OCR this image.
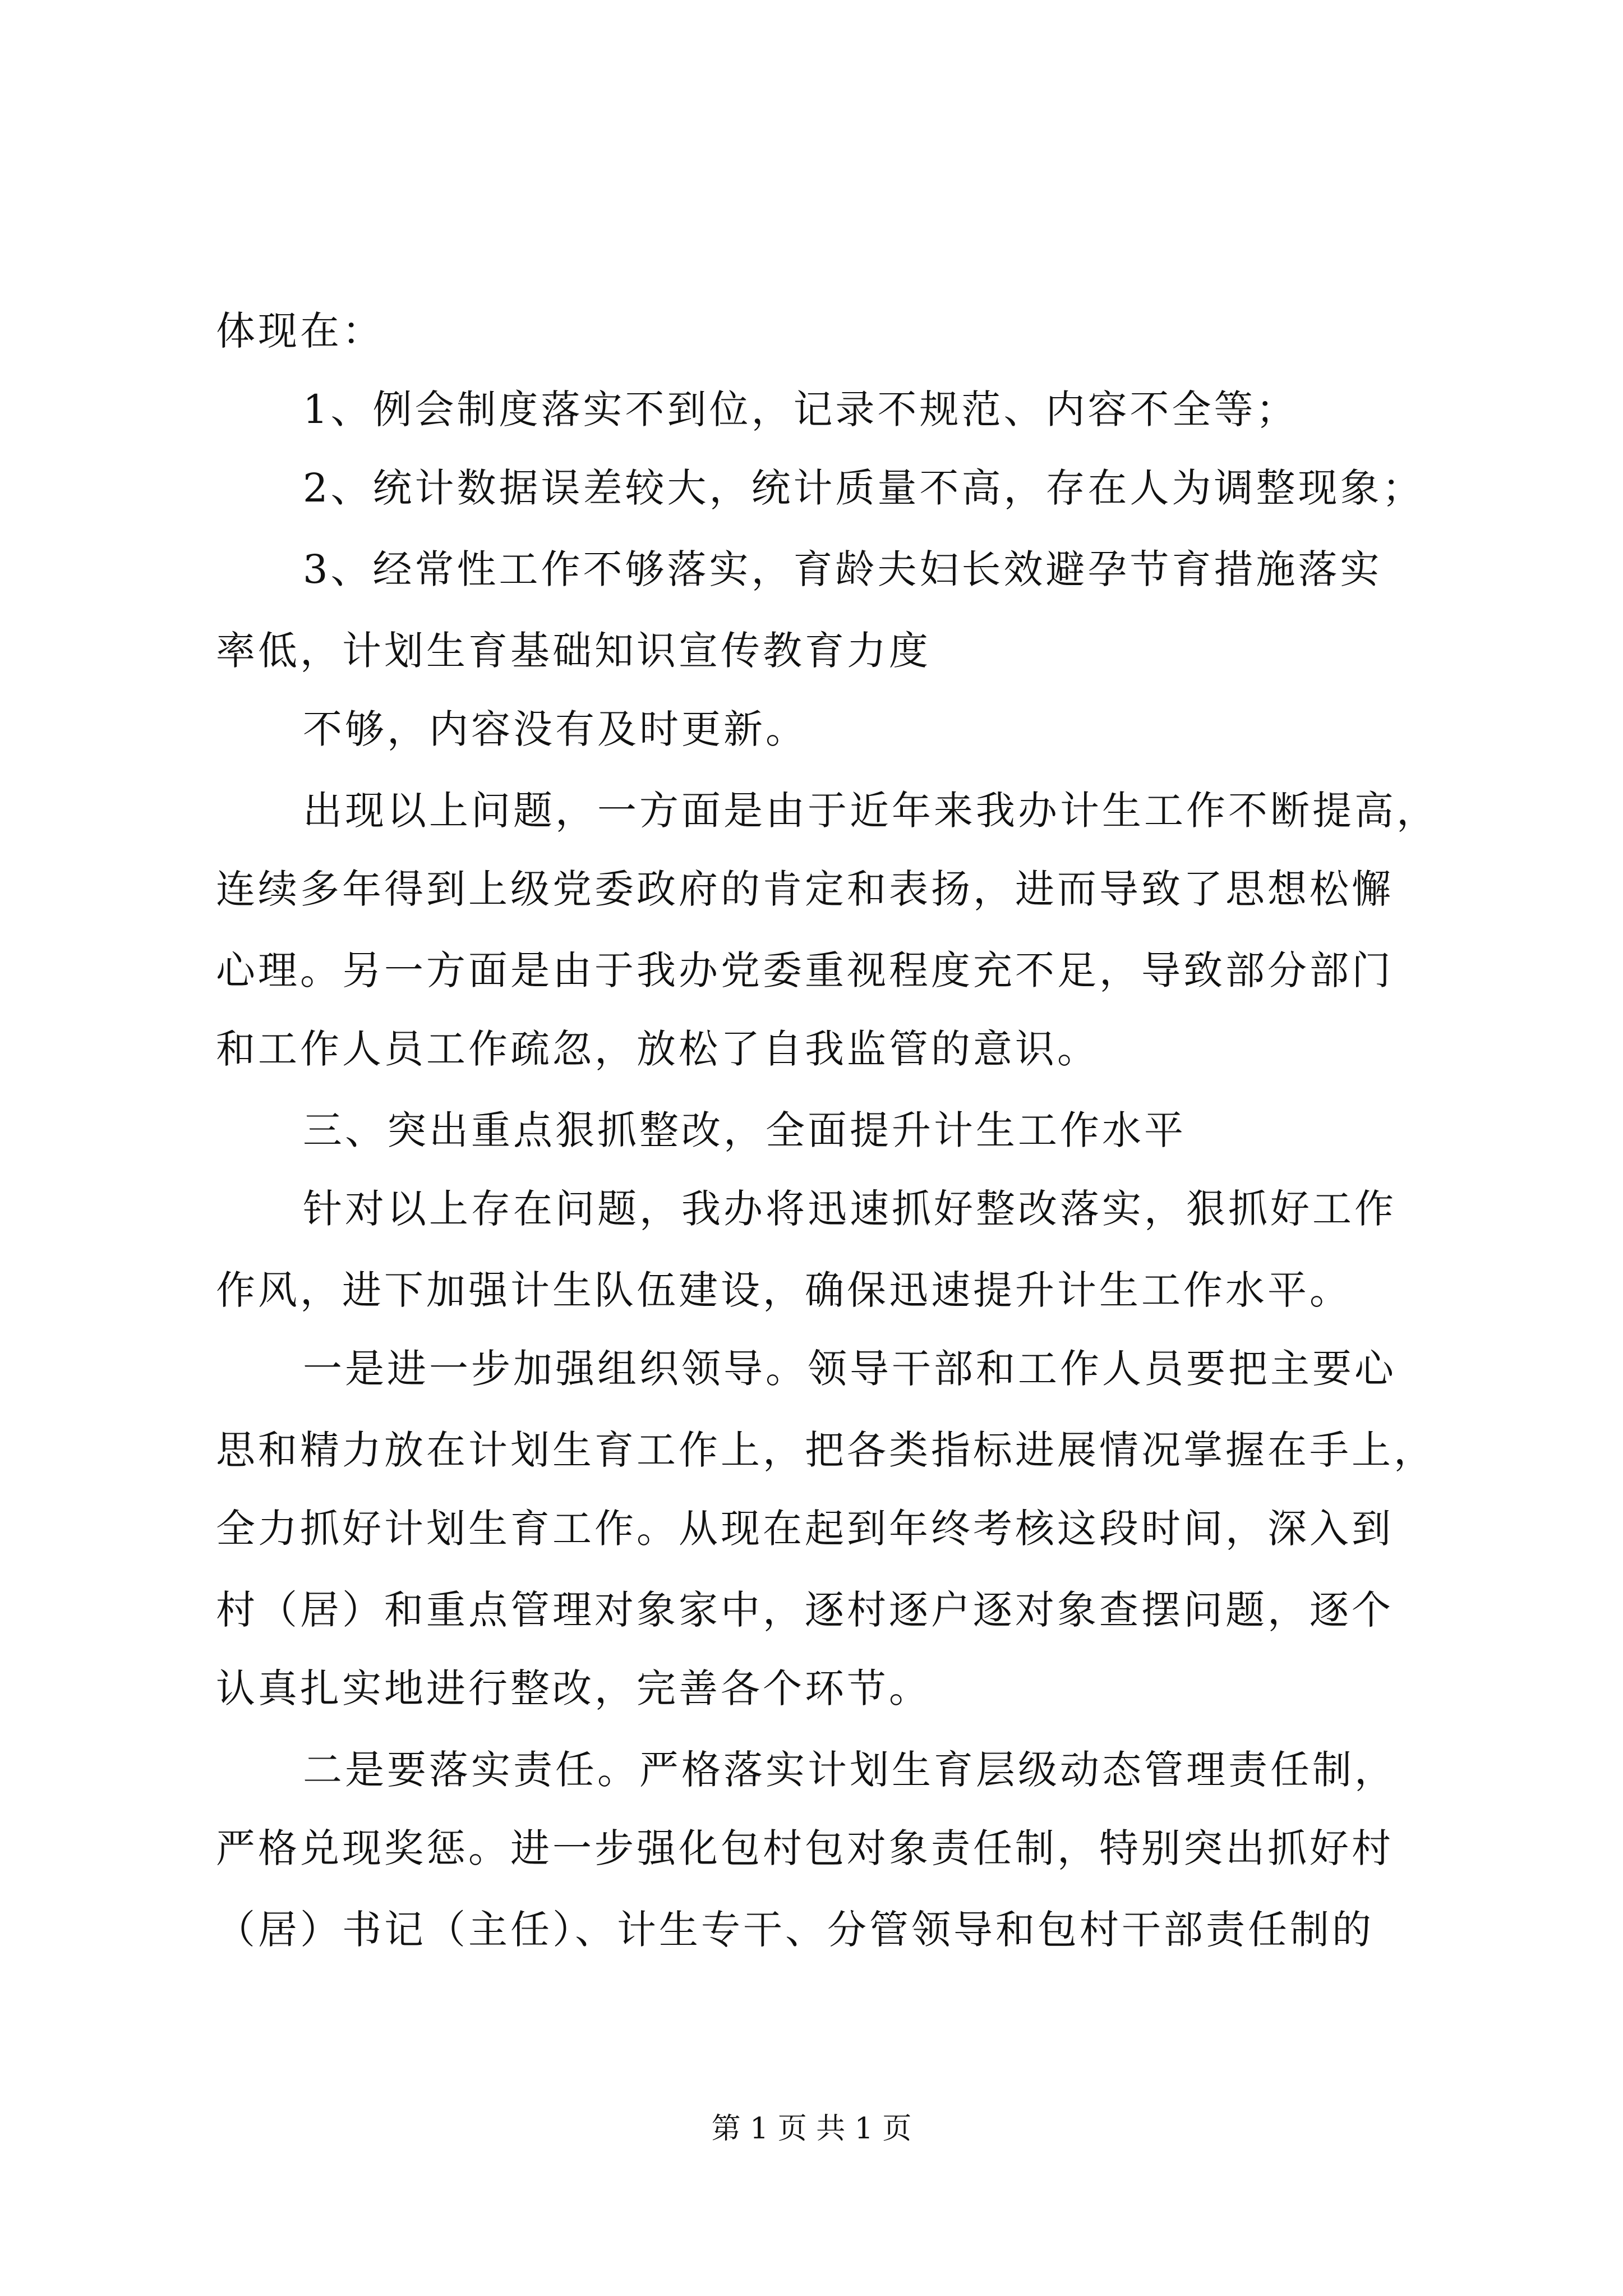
体现在：

1、例会制度落实不到位，记录不规范、内容不全等；

2、统计数据误差较大，统计质量不高，存在人为调整现象；

3、经常性工作不够落实，育龄夫妇长效避孕节育措施落实

率低，计划生育基础知识宣传教育力度

不够，内容没有及时更新。

出现以上问题，一方面是由于近年来我办计生工作不断提高，

连续多年得到上级党委政府的肯定和表扬，进而导致了思想松懈

心理。另一方面是由于我办党委重视程度充不足，导致部分部门

和工作人员工作疏忽，放松了自我监管的意识。

三、突出重点狠抓整改，全面提升计生工作水平

针对以上存在问题，我办将迅速抓好整改落实，狠抓好工作

作风，进下加强计生队伍建设，确保迅速提升计生工作水平。

一是进一步加强组织领导。领导干部和工作人员要把主要心

思和精力放在计划生育工作上，把各类指标进展情况掌握在手上，

全力抓好计划生育工作。从现在起到年终考核这段时间，深入到

村（居）和重点管理对象家中，逐村逐户逐对象查摆问题，逐个

认真扎实地进行整改，完善各个环节。

二是要落实责任。严格落实计划生育层级动态管理责任制，

严格兑现奖惩。进一步强化包村包对象责任制，特别突出抓好村

（居）书记（主任）、计生专干、分管领导和包村干部责任制的

第 1 页 共 1 页
